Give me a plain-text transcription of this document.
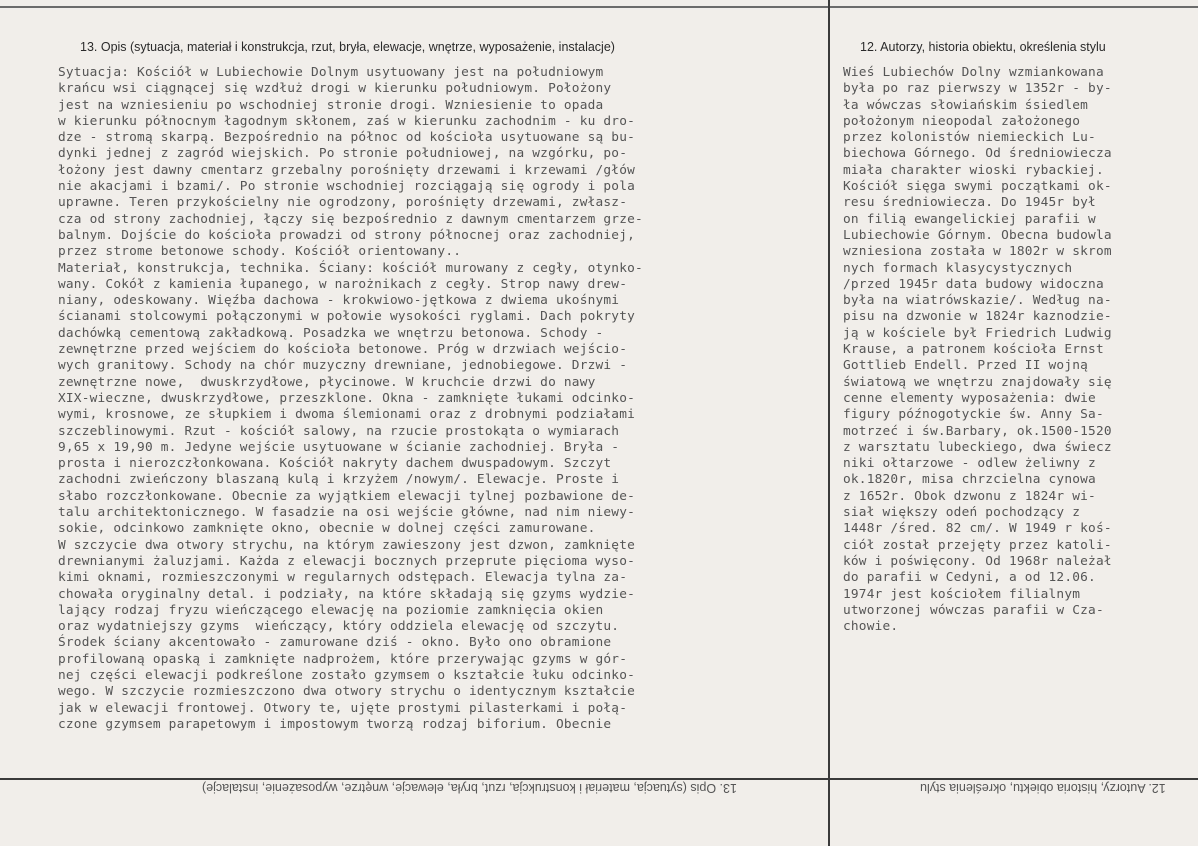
13. Opis (sytuacja, materiał i konstrukcja, rzut, bryła, elewacje, wnętrze, wyposażenie, instalacje)	12. Autorzy, historia obiektu, określenia stylu
Sytuacja: Kościół w Lubiechowie Dolnym usytuowany jest na południowym
krańcu wsi ciągnącej się wzdłuż drogi w kierunku południowym. Położony
jest na wzniesieniu po wschodniej stronie drogi. Wzniesienie to opada
w kierunku północnym łagodnym skłonem, zaś w kierunku zachodnim - ku dro-
dze - stromą skarpą. Bezpośrednio na północ od kościoła usytuowane są bu-
dynki jednej z zagród wiejskich. Po stronie południowej, na wzgórku, po-
łożony jest dawny cmentarz grzebalny porośnięty drzewami i krzewami /głów
nie akacjami i bzami/. Po stronie wschodniej rozciągają się ogrody i pola
uprawne. Teren przykościelny nie ogrodzony, porośnięty drzewami, zwłasz-
cza od strony zachodniej, łączy się bezpośrednio z dawnym cmentarzem grze-
balnym. Dojście do kościoła prowadzi od strony północnej oraz zachodniej,
przez strome betonowe schody. Kościół orientowany..
Materiał, konstrukcja, technika. Ściany: kościół murowany z cegły, otynko-
wany. Cokół z kamienia łupanego, w narożnikach z cegły. Strop nawy drew-
niany, odeskowany. Więźba dachowa - krokwiowo-jętkowa z dwiema ukośnymi
ścianami stolcowymi połączonymi w połowie wysokości ryglami. Dach pokryty
dachówką cementową zakładkową. Posadzka we wnętrzu betonowa. Schody -
zewnętrzne przed wejściem do kościoła betonowe. Próg w drzwiach wejścio-
wych granitowy. Schody na chór muzyczny drewniane, jednobiegowe. Drzwi -
zewnętrzne nowe,  dwuskrzydłowe, płycinowe. W kruchcie drzwi do nawy
XIX-wieczne, dwuskrzydłowe, przeszklone. Okna - zamknięte łukami odcinko-
wymi, krosnowe, ze słupkiem i dwoma ślemionami oraz z drobnymi podziałami
szczeblinowymi. Rzut - kościół salowy, na rzucie prostokąta o wymiarach
9,65 x 19,90 m. Jedyne wejście usytuowane w ścianie zachodniej. Bryła -
prosta i nierozczłonkowana. Kościół nakryty dachem dwuspadowym. Szczyt
zachodni zwieńczony blaszaną kulą i krzyżem /nowym/. Elewacje. Proste i
słabo rozczłonkowane. Obecnie za wyjątkiem elewacji tylnej pozbawione de-
talu architektonicznego. W fasadzie na osi wejście główne, nad nim niewy-
sokie, odcinkowo zamknięte okno, obecnie w dolnej części zamurowane.
W szczycie dwa otwory strychu, na którym zawieszony jest dzwon, zamknięte
drewnianymi żaluzjami. Każda z elewacji bocznych przeprute pięcioma wyso-
kimi oknami, rozmieszczonymi w regularnych odstępach. Elewacja tylna za-
chowała oryginalny detal. i podziały, na które składają się gzyms wydzie-
lający rodzaj fryzu wieńczącego elewację na poziomie zamknięcia okien
oraz wydatniejszy gzyms  wieńczący, który oddziela elewację od szczytu.
Środek ściany akcentowało - zamurowane dziś - okno. Było ono obramione
profilowaną opaską i zamknięte nadprożem, które przerywając gzyms w gór-
nej części elewacji podkreślone zostało gzymsem o kształcie łuku odcinko-
wego. W szczycie rozmieszczono dwa otwory strychu o identycznym kształcie
jak w elewacji frontowej. Otwory te, ujęte prostymi pilasterkami i połą-
czone gzymsem parapetowym i impostowym tworzą rodzaj biforium. Obecnie
Wieś Lubiechów Dolny wzmiankowana
była po raz pierwszy w 1352r - by-
ła wówczas słowiańskim śsiedlem
położonym nieopodal założonego
przez kolonistów niemieckich Lu-
biechowa Górnego. Od średniowiecza
miała charakter wioski rybackiej.
Kościół sięga swymi początkami ok-
resu średniowiecza. Do 1945r był
on filią ewangelickiej parafii w
Lubiechowie Górnym. Obecna budowla
wzniesiona została w 1802r w skrom
nych formach klasycystycznych
/przed 1945r data budowy widoczna
była na wiatrówskazie/. Według na-
pisu na dzwonie w 1824r kaznodzie-
ją w kościele był Friedrich Ludwig
Krause, a patronem kościoła Ernst
Gottlieb Endell. Przed II wojną
światową we wnętrzu znajdowały się
cenne elementy wyposażenia: dwie
figury późnogotyckie św. Anny Sa-
motrzeć i św.Barbary, ok.1500-1520
z warsztatu lubeckiego, dwa świecz
niki ołtarzowe - odlew żeliwny z
ok.1820r, misa chrzcielna cynowa
z 1652r. Obok dzwonu z 1824r wi-
siał większy odeń pochodzący z
1448r /śred. 82 cm/. W 1949 r koś-
ciół został przejęty przez katoli-
ków i poświęcony. Od 1968r należał
do parafii w Cedyni, a od 12.06.
1974r jest kościołem filialnym
utworzonej wówczas parafii w Cza-
chowie.
13. Opis (sytuacja, materiał i konstrukcja, rzut, bryła, elewacje, wnętrze, wyposażenie, instalacje)	12. Autorzy, historia obiektu, określenia stylu
